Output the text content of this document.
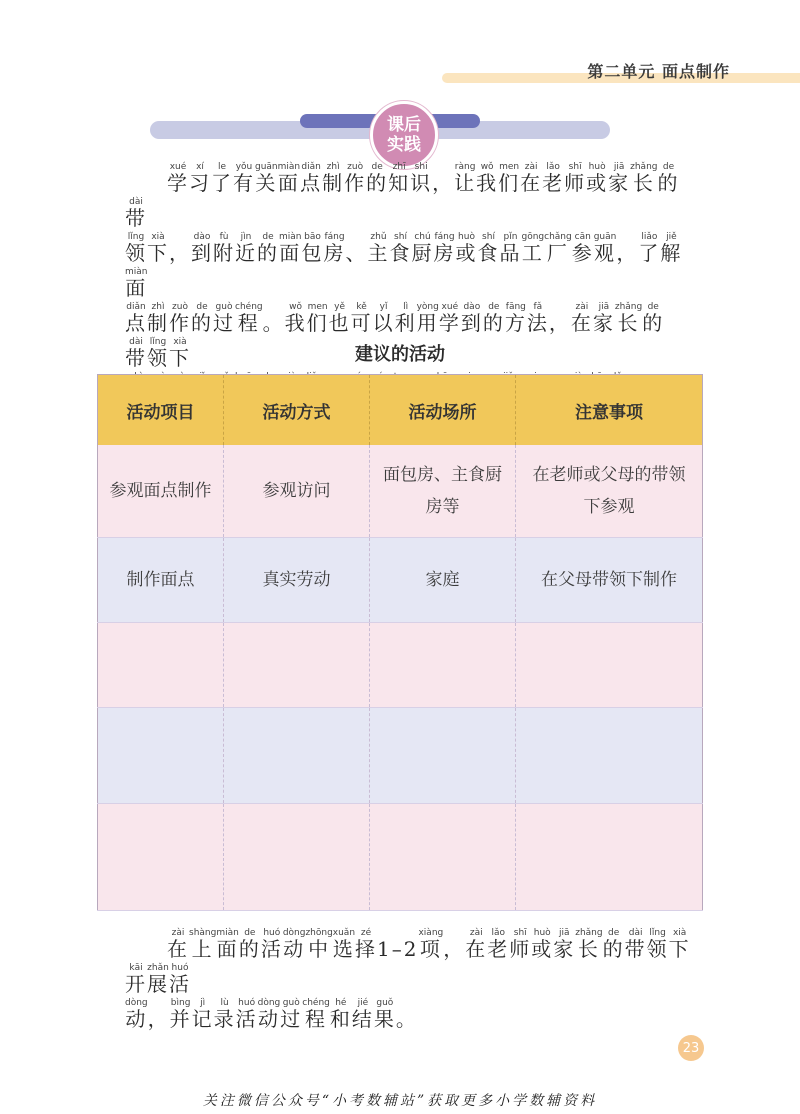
第二单元 面点制作
课后
实践
学xué习xí了le有yǒu关guān面miàn点diǎn制zhì作zuò的de知zhī识shi， 让ràng我wǒ们men在zài老lǎo师shī或huò家jiā长zhǎng的de带dài
领lǐng下xià， 到dào附fù近jìn的de面miàn包bāo房fáng、 主zhǔ食shí厨chú房fáng或huò食shí品pǐn工gōng厂chǎng参cān观guān， 了liǎo解jiě面miàn
点diǎn制zhì作zuò的de过guò程chéng。 我wǒ们men也yě可kě以yǐ利lì用yòng学xué到dào的de方fāng法fǎ， 在zài家jiā长zhǎng的de带dài领lǐng下xià

建议的活动
活动项目	活动方式	活动场所	注意事项
参观面点制作	参观访问	面包房、主食厨房等	在老师或父母的带领下参观
制作面点	真实劳动	家庭	在父母带领下制作

在zài上shàng面miàn的de活huó动dòng中zhōng选xuǎn择zé1–2 项xiàng， 在zài老lǎo师shī或huò家jiā长zhǎng的de带dài领lǐng下xià开kāi展zhǎn活huó
动dòng， 并bìng记jì录lù活huó动dòng过guò程chéng和hé结jié果guǒ。

23
关注微信公众号“小考数辅站”获取更多小学数辅资料
